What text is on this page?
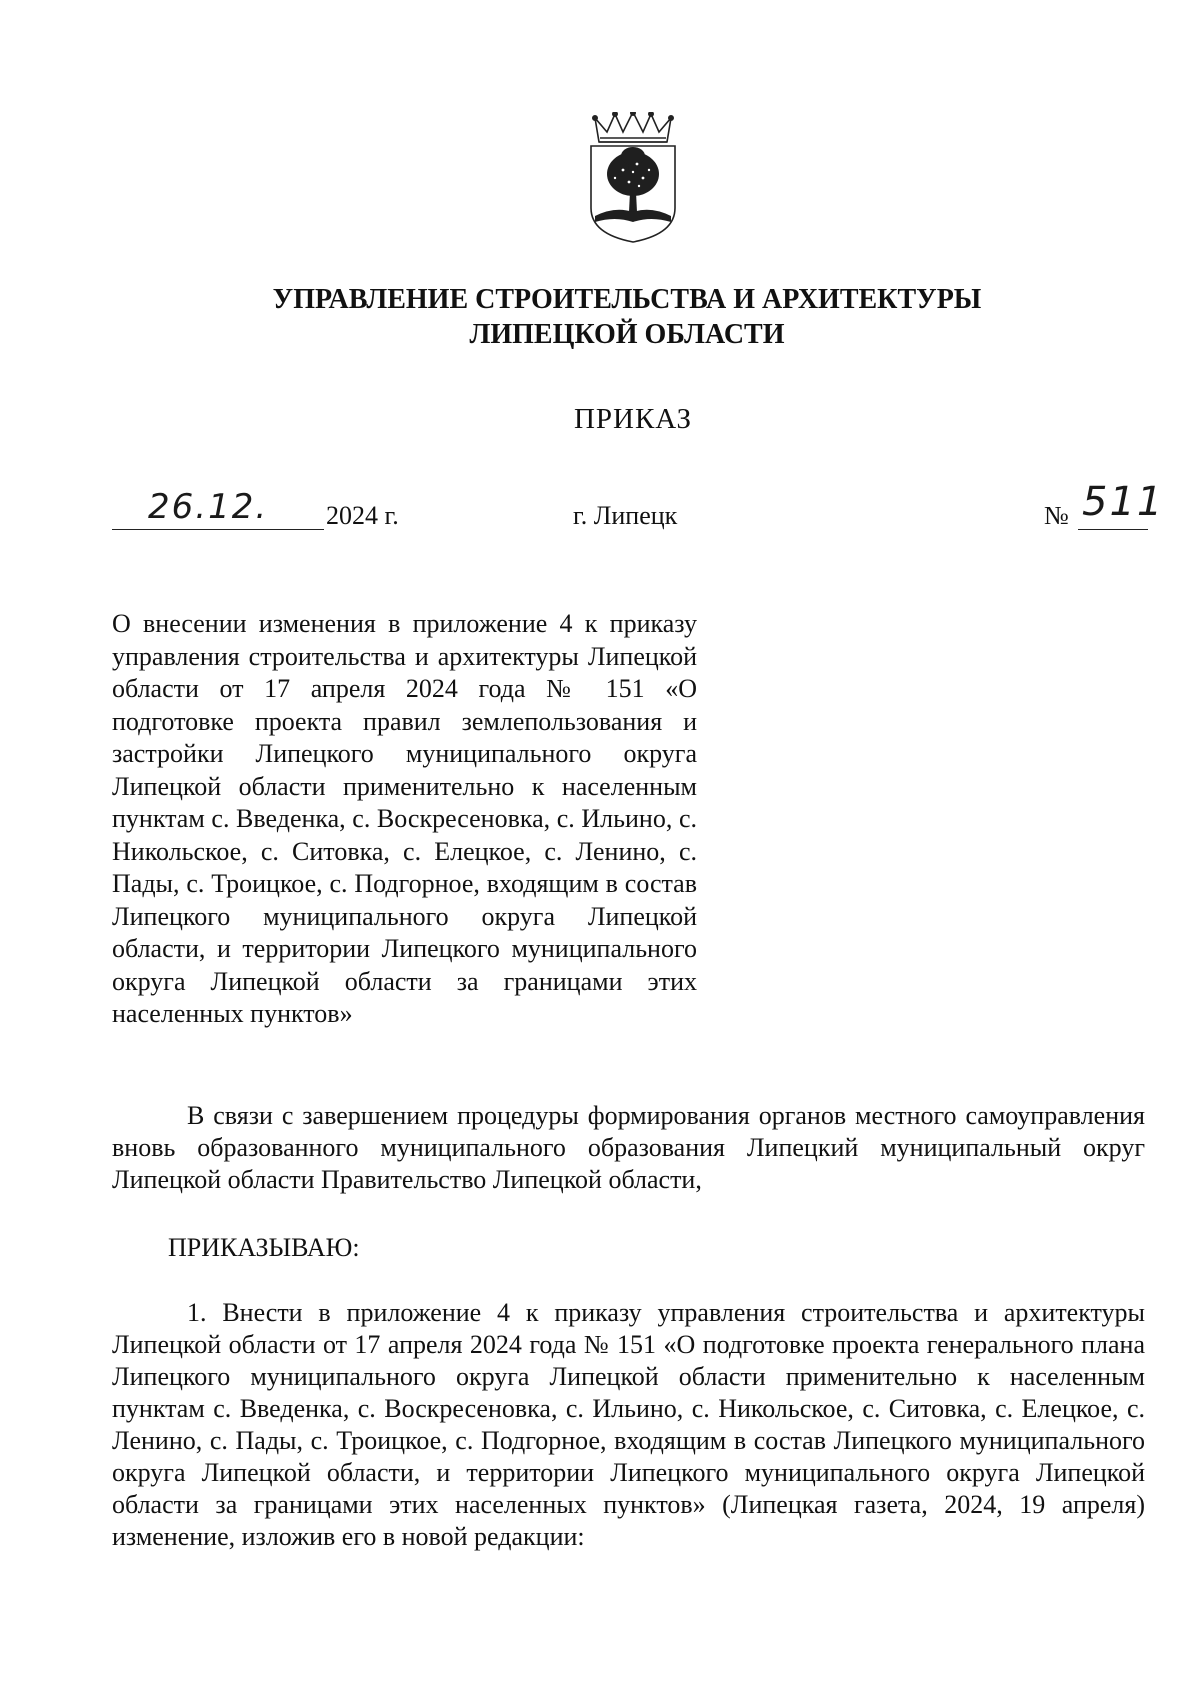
УПРАВЛЕНИЕ СТРОИТЕЛЬСТВА И АРХИТЕКТУРЫ
ЛИПЕЦКОЙ ОБЛАСТИ
ПРИКАЗ
26.12. 2024 г.	г. Липецк	№ 511
О внесении изменения в приложение 4 к приказу управления строительства и архитектуры Липецкой области от 17 апреля 2024 года № 151 «О подготовке проекта правил землепользования и застройки Липецкого муниципального округа Липецкой области применительно к населенным пунктам с. Введенка, с. Воскресеновка, с. Ильино, с. Никольское, с. Ситовка, с. Елецкое, с. Ленино, с. Пады, с. Троицкое, с. Подгорное, входящим в состав Липецкого муниципального округа Липецкой области, и территории Липецкого муниципального округа Липецкой области за границами этих населенных пунктов»
В связи с завершением процедуры формирования органов местного самоуправления вновь образованного муниципального образования Липецкий муниципальный округ Липецкой области Правительство Липецкой области,
ПРИКАЗЫВАЮ:
1. Внести в приложение 4 к приказу управления строительства и архитектуры Липецкой области от 17 апреля 2024 года № 151 «О подготовке проекта генерального плана Липецкого муниципального округа Липецкой области применительно к населенным пунктам с. Введенка, с. Воскресеновка, с. Ильино, с. Никольское, с. Ситовка, с. Елецкое, с. Ленино, с. Пады, с. Троицкое, с. Подгорное, входящим в состав Липецкого муниципального округа Липецкой области, и территории Липецкого муниципального округа Липецкой области за границами этих населенных пунктов» (Липецкая газета, 2024, 19 апреля) изменение, изложив его в новой редакции:
